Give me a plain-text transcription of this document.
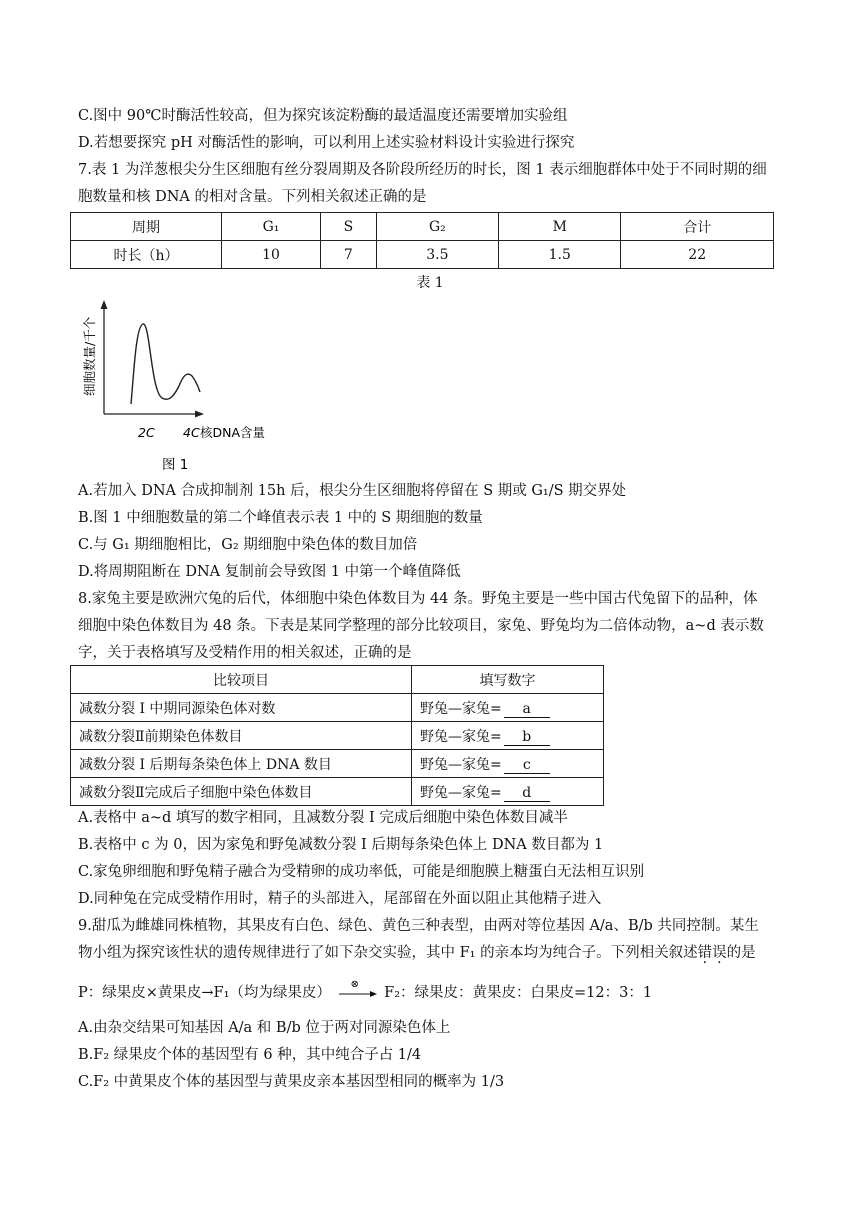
C.图中 90℃时酶活性较高，但为探究该淀粉酶的最适温度还需要增加实验组
D.若想要探究 pH 对酶活性的影响，可以利用上述实验材料设计实验进行探究
7.表 1 为洋葱根尖分生区细胞有丝分裂周期及各阶段所经历的时长，图 1 表示细胞群体中处于不同时期的细
胞数量和核 DNA 的相对含量。下列相关叙述正确的是
周期	G₁	S	G₂	M	合计
时长（h）	10	7	3.5	1.5	22
表 1
细胞数量/千个
2C 4C 核DNA含量
图 1
A.若加入 DNA 合成抑制剂 15h 后，根尖分生区细胞将停留在 S 期或 G₁/S 期交界处
B.图 1 中细胞数量的第二个峰值表示表 1 中的 S 期细胞的数量
C.与 G₁ 期细胞相比，G₂ 期细胞中染色体的数目加倍
D.将周期阻断在 DNA 复制前会导致图 1 中第一个峰值降低
8.家兔主要是欧洲穴兔的后代，体细胞中染色体数目为 44 条。野兔主要是一些中国古代兔留下的品种，体
细胞中染色体数目为 48 条。下表是某同学整理的部分比较项目，家兔、野兔均为二倍体动物，a~d 表示数
字，关于表格填写及受精作用的相关叙述，正确的是
比较项目	填写数字
减数分裂 I 中期同源染色体对数	野兔—家兔= a
减数分裂Ⅱ前期染色体数目	野兔—家兔= b
减数分裂 I 后期每条染色体上 DNA 数目	野兔—家兔= c
减数分裂Ⅱ完成后子细胞中染色体数目	野兔—家兔= d
A.表格中 a~d 填写的数字相同，且减数分裂 I 完成后细胞中染色体数目减半
B.表格中 c 为 0，因为家兔和野兔减数分裂 I 后期每条染色体上 DNA 数目都为 1
C.家兔卵细胞和野兔精子融合为受精卵的成功率低，可能是细胞膜上糖蛋白无法相互识别
D.同种兔在完成受精作用时，精子的头部进入，尾部留在外面以阻止其他精子进入
9.甜瓜为雌雄同株植物，其果皮有白色、绿色、黄色三种表型，由两对等位基因 A/a、B/b 共同控制。某生
物小组为探究该性状的遗传规律进行了如下杂交实验，其中 F₁ 的亲本均为纯合子。下列相关叙述错误的是
P：绿果皮×黄果皮→F₁（均为绿果皮）
⊗
F₂：绿果皮：黄果皮：白果皮=12：3：1
A.由杂交结果可知基因 A/a 和 B/b 位于两对同源染色体上
B.F₂ 绿果皮个体的基因型有 6 种，其中纯合子占 1/4
C.F₂ 中黄果皮个体的基因型与黄果皮亲本基因型相同的概率为 1/3
